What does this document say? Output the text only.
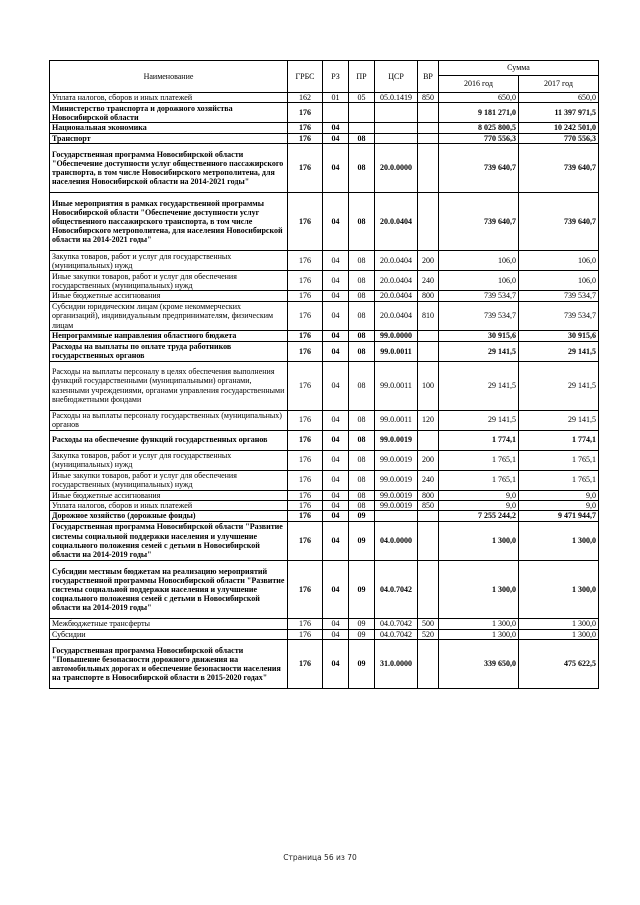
Наименование	ГРБС	РЗ	ПР	ЦСР	ВР	Сумма	
						2016 год	2017 год
Уплата налогов, сборов и иных платежей	162	01	05	05.0.1419	850	650,0	650,0
Министерство транспорта и дорожного хозяйства Новосибирской области	176					9 181 271,0	11 397 971,5
Национальная экономика	176	04				8 025 800,5	10 242 501,0
Транспорт	176	04	08			770 556,3	770 556,3
Государственная программа Новосибирской области "Обеспечение доступности услуг общественного пассажирского транспорта, в том числе Новосибирского метрополитена, для населения Новосибирской области на 2014-2021 годы"	176	04	08	20.0.0000		739 640,7	739 640,7
Иные мероприятия в рамках государственной программы Новосибирской области "Обеспечение доступности услуг общественного пассажирского транспорта, в том числе Новосибирского метрополитена, для населения Новосибирской области на 2014-2021 годы"	176	04	08	20.0.0404		739 640,7	739 640,7
Закупка товаров, работ и услуг для государственных (муниципальных) нужд	176	04	08	20.0.0404	200	106,0	106,0
Иные закупки товаров, работ и услуг для обеспечения государственных (муниципальных) нужд	176	04	08	20.0.0404	240	106,0	106,0
Иные бюджетные ассигнования	176	04	08	20.0.0404	800	739 534,7	739 534,7
Субсидии юридическим лицам (кроме некоммерческих организаций), индивидуальным предпринимателям, физическим лицам	176	04	08	20.0.0404	810	739 534,7	739 534,7
Непрограммные направления областного бюджета	176	04	08	99.0.0000		30 915,6	30 915,6
Расходы на выплаты по оплате труда работников государственных органов	176	04	08	99.0.0011		29 141,5	29 141,5
Расходы на выплаты персоналу в целях обеспечения выполнения функций государственными (муниципальными) органами, казенными учреждениями, органами управления государственными внебюджетными фондами	176	04	08	99.0.0011	100	29 141,5	29 141,5
Расходы на выплаты персоналу государственных (муниципальных) органов	176	04	08	99.0.0011	120	29 141,5	29 141,5
Расходы на обеспечение функций государственных органов	176	04	08	99.0.0019		1 774,1	1 774,1
Закупка товаров, работ и услуг для государственных (муниципальных) нужд	176	04	08	99.0.0019	200	1 765,1	1 765,1
Иные закупки товаров, работ и услуг для обеспечения государственных (муниципальных) нужд	176	04	08	99.0.0019	240	1 765,1	1 765,1
Иные бюджетные ассигнования	176	04	08	99.0.0019	800	9,0	9,0
Уплата налогов, сборов и иных платежей	176	04	08	99.0.0019	850	9,0	9,0
Дорожное хозяйство (дорожные фонды)	176	04	09			7 255 244,2	9 471 944,7
Государственная программа Новосибирской области "Развитие системы социальной поддержки населения и улучшение социального положения семей с детьми в Новосибирской области на 2014-2019 годы"	176	04	09	04.0.0000		1 300,0	1 300,0
Субсидии местным бюджетам на реализацию мероприятий государственной программы Новосибирской области "Развитие системы социальной поддержки населения и улучшение социального положения семей с детьми в Новосибирской области на 2014-2019 годы"	176	04	09	04.0.7042		1 300,0	1 300,0
Межбюджетные трансферты	176	04	09	04.0.7042	500	1 300,0	1 300,0
Субсидии	176	04	09	04.0.7042	520	1 300,0	1 300,0
Государственная программа Новосибирской области "Повышение безопасности дорожного движения на автомобильных дорогах и обеспечение безопасности населения на транспорте в Новосибирской области в 2015-2020 годах"	176	04	09	31.0.0000		339 650,0	475 622,5
Страница 56 из 70
